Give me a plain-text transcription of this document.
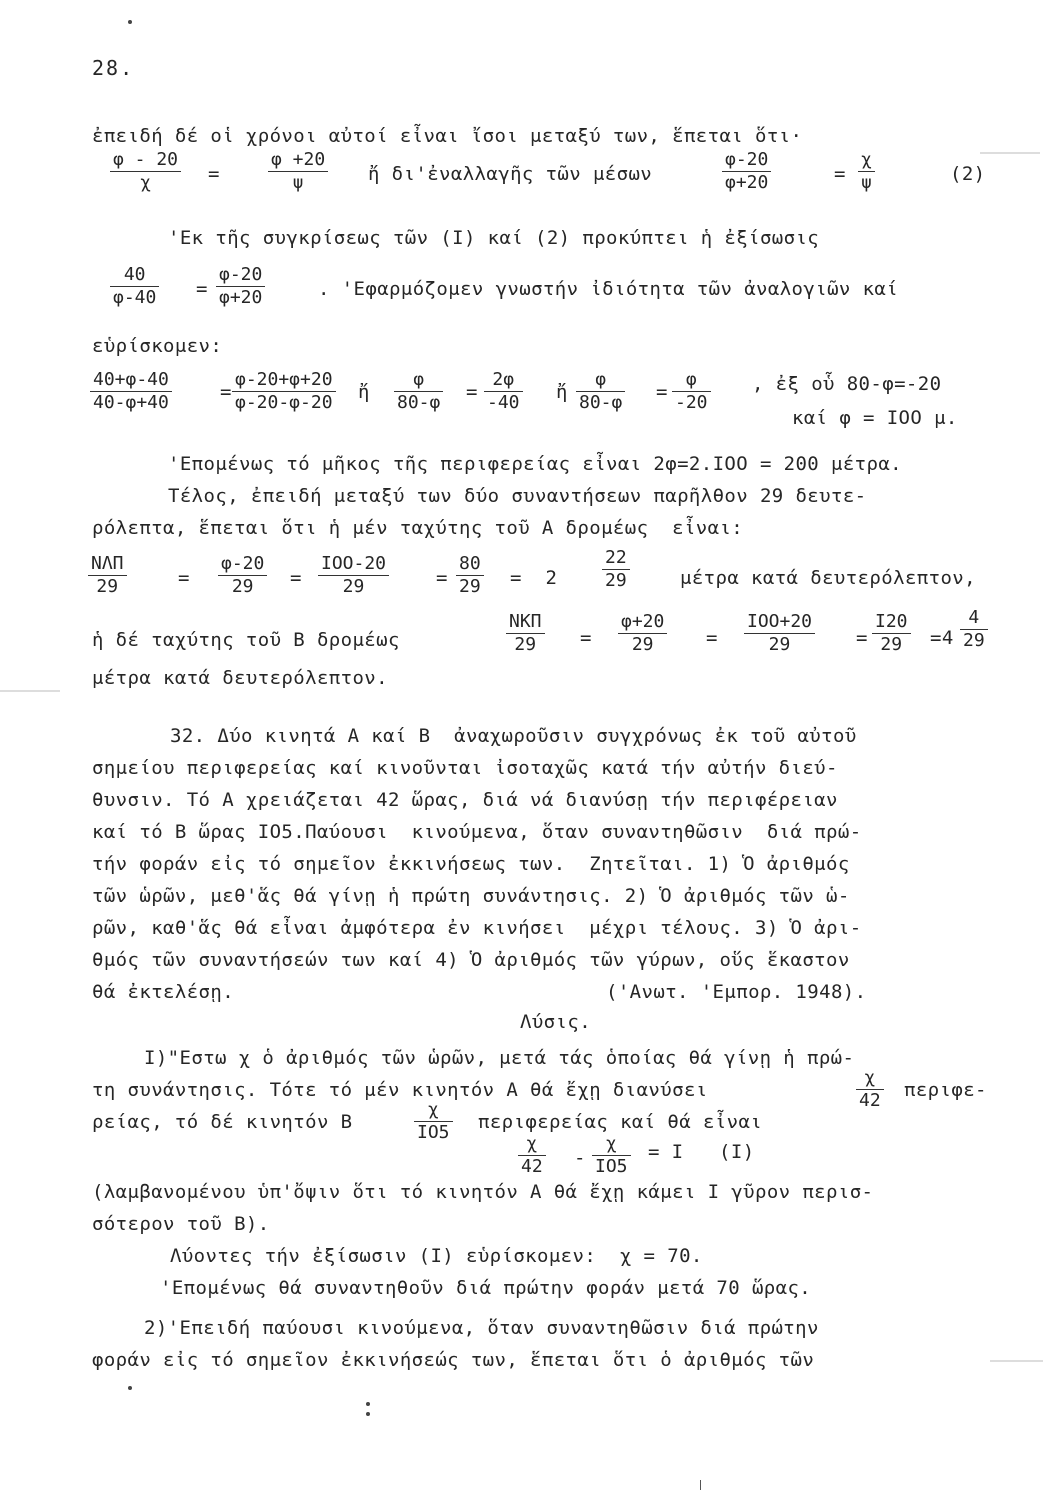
28.
ἐπειδή δέ οἱ χρόνοι αὐτοί εἶναι ἴσοι μεταξύ των, ἕπεται ὅτι·
φ - 20
χ	=
φ +20
ψ	ἤ δι'ἐναλλαγῆς τῶν μέσων
φ-20
φ+20	=
χ
ψ	(2)
'Εκ τῆς συγκρίσεως τῶν (Ι) καί (2) προκύπτει ἡ ἐξίσωσις
40
φ-40 =
φ-20
φ+20	. 'Εφαρμόζομεν γνωστήν ἰδιότητα τῶν ἀναλογιῶν καί
εὑρίσκομεν:
40+φ-40
40-φ+40	=
φ-20+φ+20
φ-20-φ-20 ἤ
φ
80-φ =
2φ
-40 ἤ
φ
80-φ =
φ
-20
, ἐξ οὗ 80-φ=-20
καί φ = ΙΟΟ μ.
'Επομένως τό μῆκος τῆς περιφερείας εἶναι 2φ=2.ΙΟΟ = 200 μέτρα.
Τέλος, ἐπειδή μεταξύ των δύο συναντήσεων παρῆλθον 29 δευτε-
ρόλεπτα, ἕπεται ὅτι ἡ μέν ταχύτης τοῦ Α δρομέως  εἶναι:
ΝΛΠ
29	=
φ-20
29 =
ΙΟΟ-20
29	=
80
29 =  2
22
29	μέτρα κατά δευτερόλεπτον,
ἡ δέ ταχύτης τοῦ Β δρομέως
ΝΚΠ
29 =
φ+20
29	=
ΙΟΟ+20
29	=
Ι20
29 =4
4
29
μέτρα κατά δευτερόλεπτον.
32. Δύο κινητά Α καί Β  ἀναχωροῦσιν συγχρόνως ἐκ τοῦ αὐτοῦ
σημείου περιφερείας καί κινοῦνται ἰσοταχῶς κατά τήν αὐτήν διεύ-
θυνσιν. Τό Α χρειάζεται 42 ὥρας, διά νά διανύσῃ τήν περιφέρειαν
καί τό Β ὥρας ΙΟ5.Παύουσι  κινούμενα, ὅταν συναντηθῶσιν  διά πρώ-
τήν φοράν εἰς τό σημεῖον ἐκκινήσεως των.  Ζητεῖται. 1) Ὁ ἀριθμός
τῶν ὡρῶν, μεθ'ἅς θά γίνῃ ἡ πρώτη συνάντησις. 2) Ὁ ἀριθμός τῶν ὡ-
ρῶν, καθ'ἅς θά εἶναι ἀμφότερα ἐν κινήσει  μέχρι τέλους. 3) Ὁ ἀρι-
θμός τῶν συναντήσεών των καί 4) Ὁ ἀριθμός τῶν γύρων, οὕς ἕκαστον
θά ἐκτελέσῃ.	('Ανωτ. 'Εμπορ. 1948).
Λύσις.
Ι)"Εστω χ ὁ ἀριθμός τῶν ὡρῶν, μετά τάς ὁποίας θά γίνῃ ἡ πρώ-
τη συνάντησις. Τότε τό μέν κινητόν Α θά ἔχῃ διανύσει
χ
42 περιφε-
ρείας, τό δέ κινητόν Β
χ
ΙΟ5 περιφερείας καί θά εἶναι
χ
42 -
χ
ΙΟ5
= Ι   (Ι)
(λαμβανομένου ὑπ'ὄψιν ὅτι τό κινητόν Α θά ἔχῃ κάμει Ι γῦρον περισ-
σότερον τοῦ Β).
Λύοντες τήν ἐξίσωσιν (Ι) εὑρίσκομεν:  χ = 70.
'Επομένως θά συναντηθοῦν διά πρώτην φοράν μετά 70 ὥρας.
2)'Επειδή παύουσι κινούμενα, ὅταν συναντηθῶσιν διά πρώτην
φοράν εἰς τό σημεῖον ἐκκινήσεώς των, ἕπεται ὅτι ὁ ἀριθμός τῶν
